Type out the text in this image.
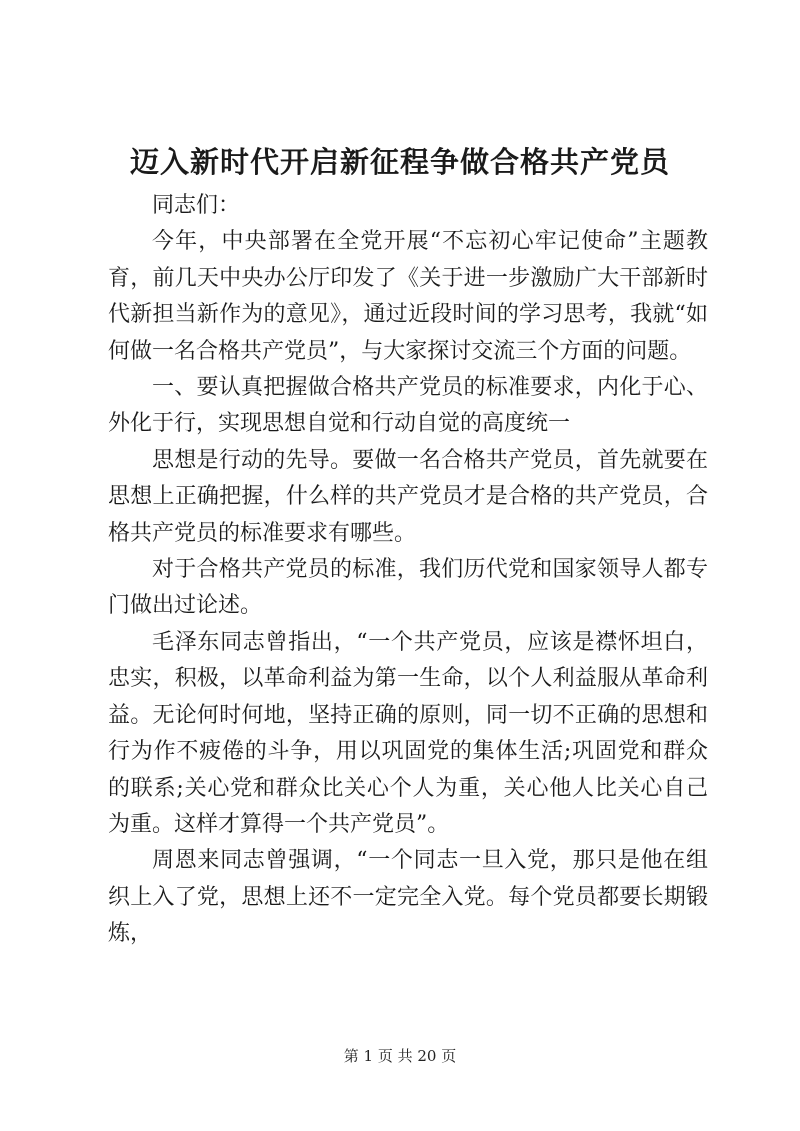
迈入新时代开启新征程争做合格共产党员

同志们：

今年，中央部署在全党开展“不忘初心牢记使命”主题教育，前几天中央办公厅印发了《关于进一步激励广大干部新时代新担当新作为的意见》，通过近段时间的学习思考，我就“如何做一名合格共产党员”，与大家探讨交流三个方面的问题。

一、要认真把握做合格共产党员的标准要求，内化于心、外化于行，实现思想自觉和行动自觉的高度统一

思想是行动的先导。要做一名合格共产党员，首先就要在思想上正确把握，什么样的共产党员才是合格的共产党员，合格共产党员的标准要求有哪些。

对于合格共产党员的标准，我们历代党和国家领导人都专门做出过论述。

毛泽东同志曾指出，“一个共产党员，应该是襟怀坦白，忠实，积极，以革命利益为第一生命，以个人利益服从革命利益。无论何时何地，坚持正确的原则，同一切不正确的思想和行为作不疲倦的斗争，用以巩固党的集体生活;巩固党和群众的联系;关心党和群众比关心个人为重，关心他人比关心自己为重。这样才算得一个共产党员”。

周恩来同志曾强调，“一个同志一旦入党，那只是他在组织上入了党，思想上还不一定完全入党。每个党员都要长期锻炼，

第 1 页 共 20 页
